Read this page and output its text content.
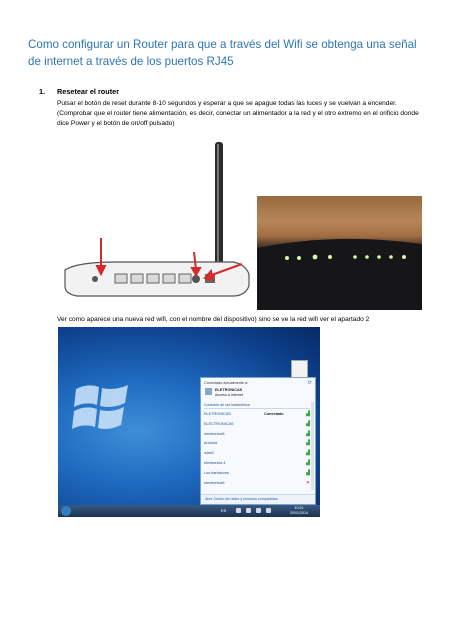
Como configurar un Router para que a través del Wifi se obtenga una señal de internet a través de los puertos RJ45
1. Resetear el router
Pulsar el botón de reset durante 8-10 segundos y esperar a que se apague todas las luces y se vuelvan a encender. (Comprobar que el router tiene alimentación, es decir, conectar un alimentador a la red y el otro extremo en el orificio donde dice Power y el botón de on/off pulsado)
Ver como aparece una nueva red wifi, con el nombre del dispositivo) sino se ve la red wifi ver el apartado 2
Conectado actualmente a:	⟳
ELETRONICAS
Acceso a Internet
Conexión de red inalámbrica
ELETRONICAS	Conectado	▟
ELECTRONICAS	▟
electronica5	▟
Android	▟
wlan2	▟
electronica 4	▟
Los barbacoes	▟
electronica6	✕
Abrir Centro de redes y recursos compartidos
ES	10:21
20/01/2014
